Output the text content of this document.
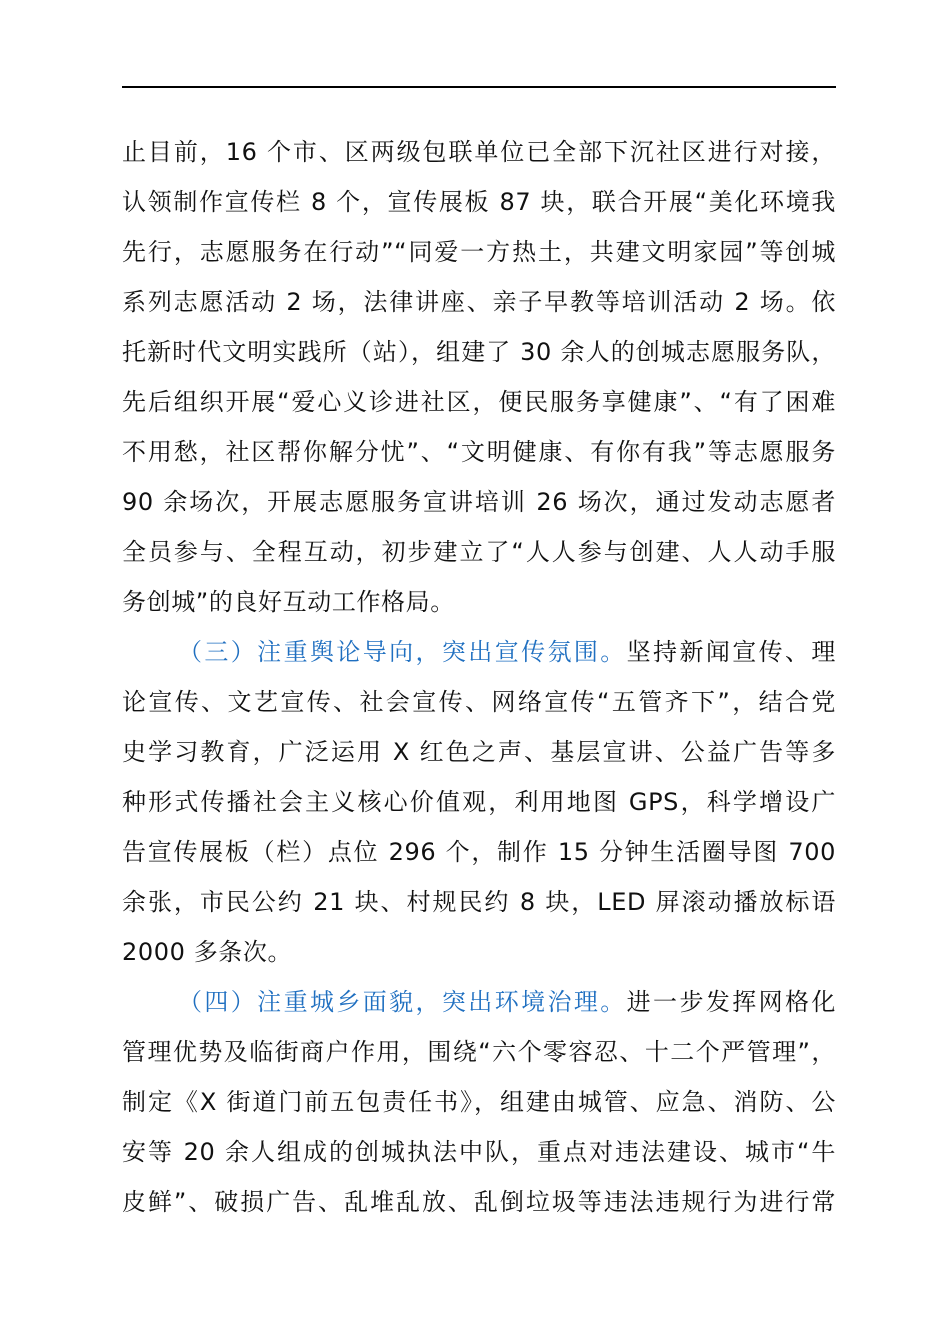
止目前，16 个市、区两级包联单位已全部下沉社区进行对接，
认领制作宣传栏 8 个，宣传展板 87 块，联合开展“美化环境我
先行，志愿服务在行动”“同爱一方热土，共建文明家园”等创城
系列志愿活动 2 场，法律讲座、亲子早教等培训活动 2 场。依
托新时代文明实践所（站），组建了 30 余人的创城志愿服务队，
先后组织开展“爱心义诊进社区，便民服务享健康”、“有了困难
不用愁，社区帮你解分忧”、“文明健康、有你有我”等志愿服务
90 余场次，开展志愿服务宣讲培训 26 场次，通过发动志愿者
全员参与、全程互动，初步建立了“人人参与创建、人人动手服
务创城”的良好互动工作格局。
（三）注重舆论导向，突出宣传氛围。坚持新闻宣传、理
论宣传、文艺宣传、社会宣传、网络宣传“五管齐下”，结合党
史学习教育，广泛运用 X 红色之声、基层宣讲、公益广告等多
种形式传播社会主义核心价值观，利用地图 GPS，科学增设广
告宣传展板（栏）点位 296 个，制作 15 分钟生活圈导图 700
余张，市民公约 21 块、村规民约 8 块，LED 屏滚动播放标语
2000 多条次。
（四）注重城乡面貌，突出环境治理。进一步发挥网格化
管理优势及临街商户作用，围绕“六个零容忍、十二个严管理”，
制定《X 街道门前五包责任书》，组建由城管、应急、消防、公
安等 20 余人组成的创城执法中队，重点对违法建设、城市“牛
皮鲜”、破损广告、乱堆乱放、乱倒垃圾等违法违规行为进行常
